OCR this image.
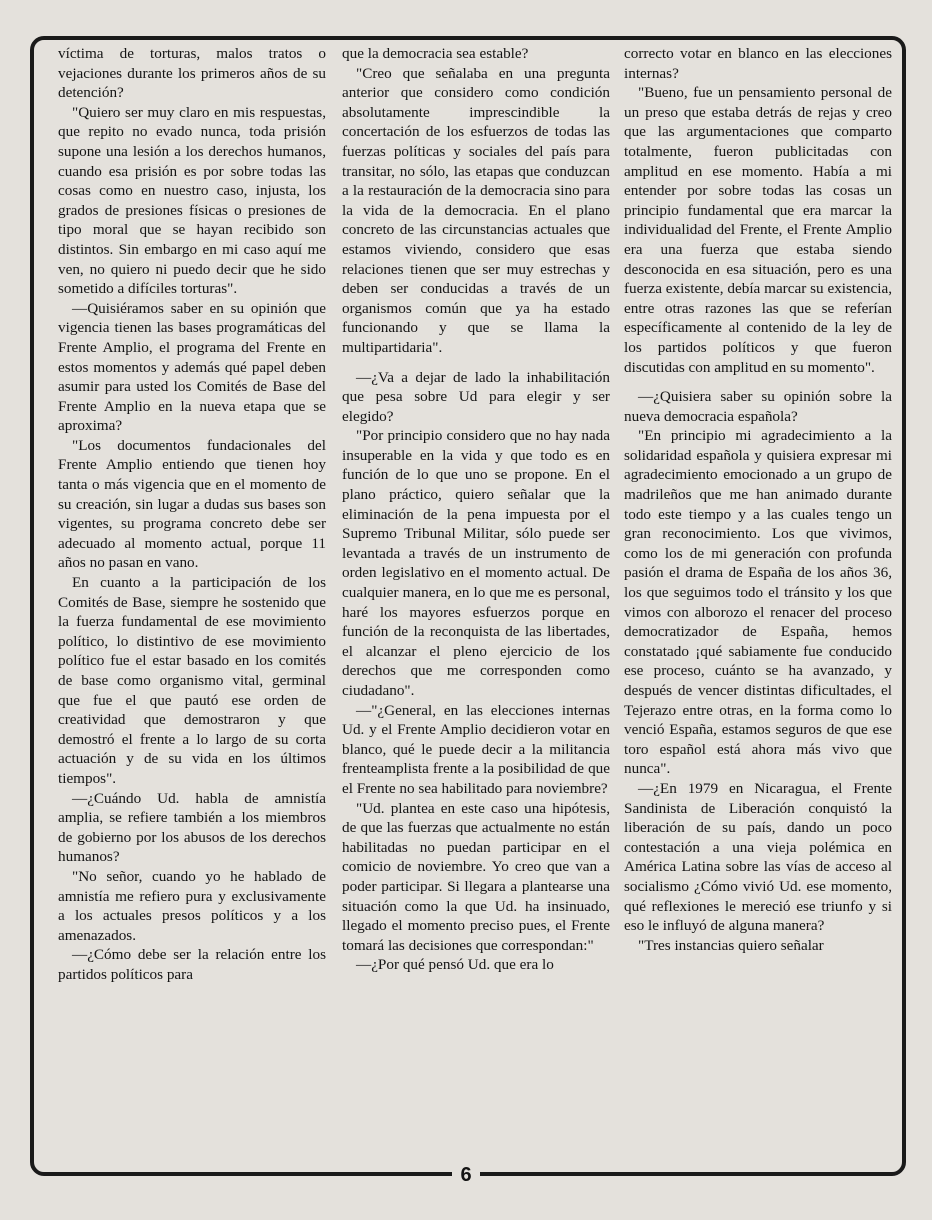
víctima de torturas, malos tratos o vejaciones durante los primeros años de su detención?

"Quiero ser muy claro en mis respuestas, que repito no evado nunca, toda prisión supone una lesión a los derechos humanos, cuando esa prisión es por sobre todas las cosas como en nuestro caso, injusta, los grados de presiones físicas o presiones de tipo moral que se hayan recibido son distintos. Sin embargo en mi caso aquí me ven, no quiero ni puedo decir que he sido sometido a difíciles torturas".

—Quisiéramos saber en su opinión que vigencia tienen las bases programáticas del Frente Amplio, el programa del Frente en estos momentos y además qué papel deben asumir para usted los Comités de Base del Frente Amplio en la nueva etapa que se aproxima?

"Los documentos fundacionales del Frente Amplio entiendo que tienen hoy tanta o más vigencia que en el momento de su creación, sin lugar a dudas sus bases son vigentes, su programa concreto debe ser adecuado al momento actual, porque 11 años no pasan en vano.

En cuanto a la participación de los Comités de Base, siempre he sostenido que la fuerza fundamental de ese movimiento político, lo distintivo de ese movimiento político fue el estar basado en los comités de base como organismo vital, germinal que fue el que pautó ese orden de creatividad que demostraron y que demostró el frente a lo largo de su corta actuación y de su vida en los últimos tiempos".

—¿Cuándo Ud. habla de amnistía amplia, se refiere también a los miembros de gobierno por los abusos de los derechos humanos?

"No señor, cuando yo he hablado de amnistía me refiero pura y exclusivamente a los actuales presos políticos y a los amenazados.

—¿Cómo debe ser la relación entre los partidos políticos para

que la democracia sea estable?

"Creo que señalaba en una pregunta anterior que considero como condición absolutamente imprescindible la concertación de los esfuerzos de todas las fuerzas políticas y sociales del país para transitar, no sólo, las etapas que conduzcan a la restauración de la democracia sino para la vida de la democracia. En el plano concreto de las circunstancias actuales que estamos viviendo, considero que esas relaciones tienen que ser muy estrechas y deben ser conducidas a través de un organismos común que ya ha estado funcionando y que se llama la multipartidaria".

—¿Va a dejar de lado la inhabilitación que pesa sobre Ud para elegir y ser elegido?

"Por principio considero que no hay nada insuperable en la vida y que todo es en función de lo que uno se propone. En el plano práctico, quiero señalar que la eliminación de la pena impuesta por el Supremo Tribunal Militar, sólo puede ser levantada a través de un instrumento de orden legislativo en el momento actual. De cualquier manera, en lo que me es personal, haré los mayores esfuerzos porque en función de la reconquista de las libertades, el alcanzar el pleno ejercicio de los derechos que me corresponden como ciudadano".

—"¿General, en las elecciones internas Ud. y el Frente Amplio decidieron votar en blanco, qué le puede decir a la militancia frenteamplista frente a la posibilidad de que el Frente no sea habilitado para noviembre?

"Ud. plantea en este caso una hipótesis, de que las fuerzas que actualmente no están habilitadas no puedan participar en el comicio de noviembre. Yo creo que van a poder participar. Si llegara a plantearse una situación como la que Ud. ha insinuado, llegado el momento preciso pues, el Frente tomará las decisiones que correspondan:"

—¿Por qué pensó Ud. que era lo

correcto votar en blanco en las elecciones internas?

"Bueno, fue un pensamiento personal de un preso que estaba detrás de rejas y creo que las argumentaciones que comparto totalmente, fueron publicitadas con amplitud en ese momento. Había a mi entender por sobre todas las cosas un principio fundamental que era marcar la individualidad del Frente, el Frente Amplio era una fuerza que estaba siendo desconocida en esa situación, pero es una fuerza existente, debía marcar su existencia, entre otras razones las que se referían específicamente al contenido de la ley de los partidos políticos y que fueron discutidas con amplitud en su momento".

—¿Quisiera saber su opinión sobre la nueva democracia española?

"En principio mi agradecimiento a la solidaridad española y quisiera expresar mi agradecimiento emocionado a un grupo de madrileños que me han animado durante todo este tiempo y a las cuales tengo un gran reconocimiento. Los que vivimos, como los de mi generación con profunda pasión el drama de España de los años 36, los que seguimos todo el tránsito y los que vimos con alborozo el renacer del proceso democratizador de España, hemos constatado ¡qué sabiamente fue conducido ese proceso, cuánto se ha avanzado, y después de vencer distintas dificultades, el Tejerazo entre otras, en la forma como lo venció España, estamos seguros de que ese toro español está ahora más vivo que nunca".

—¿En 1979 en Nicaragua, el Frente Sandinista de Liberación conquistó la liberación de su país, dando un poco contestación a una vieja polémica en América Latina sobre las vías de acceso al socialismo ¿Cómo vivió Ud. ese momento, qué reflexiones le mereció ese triunfo y si eso le influyó de alguna manera?

"Tres instancias quiero señalar

6
